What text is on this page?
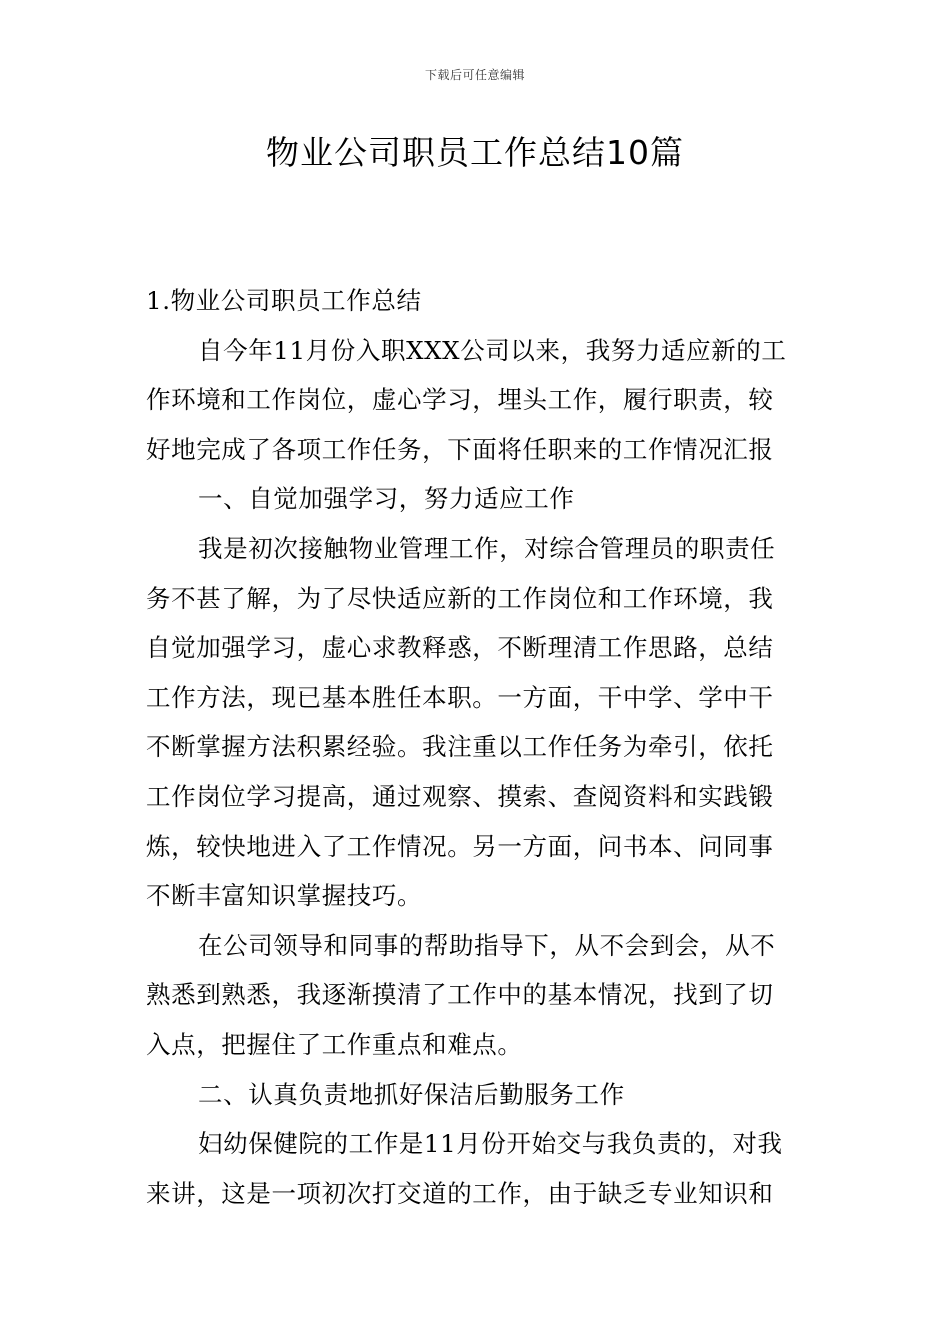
下载后可任意编辑
物业公司职员工作总结10篇
1.物业公司职员工作总结
自今年11月份入职XXX公司以来，我努力适应新的工
作环境和工作岗位，虚心学习，埋头工作，履行职责，较
好地完成了各项工作任务，下面将任职来的工作情况汇报
一、自觉加强学习，努力适应工作
我是初次接触物业管理工作，对综合管理员的职责任
务不甚了解，为了尽快适应新的工作岗位和工作环境，我
自觉加强学习，虚心求教释惑，不断理清工作思路，总结
工作方法，现已基本胜任本职。一方面，干中学、学中干
不断掌握方法积累经验。我注重以工作任务为牵引，依托
工作岗位学习提高，通过观察、摸索、查阅资料和实践锻
炼，较快地进入了工作情况。另一方面，问书本、问同事
不断丰富知识掌握技巧。
在公司领导和同事的帮助指导下，从不会到会，从不
熟悉到熟悉，我逐渐摸清了工作中的基本情况，找到了切
入点，把握住了工作重点和难点。
二、认真负责地抓好保洁后勤服务工作
妇幼保健院的工作是11月份开始交与我负责的，对我
来讲，这是一项初次打交道的工作，由于缺乏专业知识和
